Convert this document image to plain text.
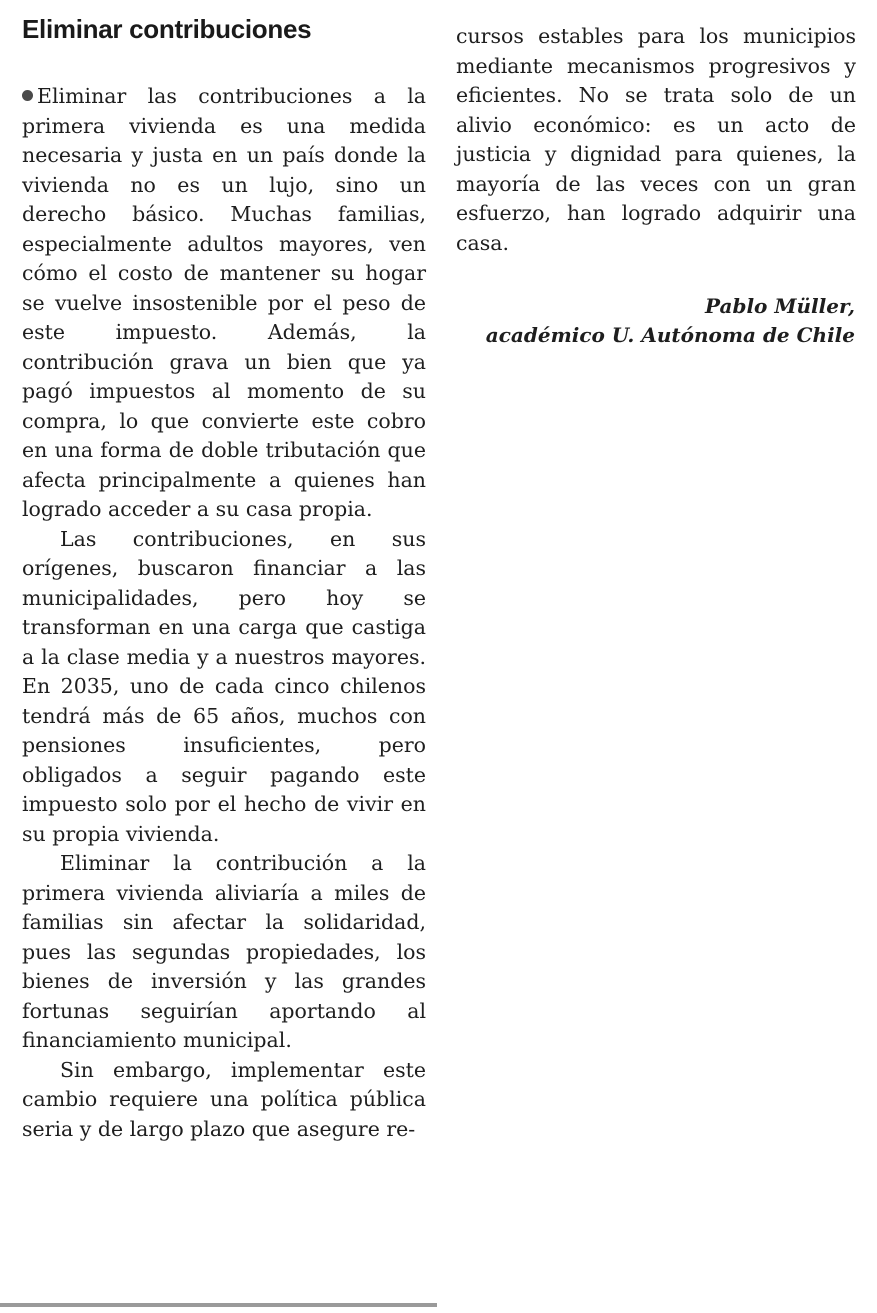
Eliminar contribuciones

Eliminar las contribuciones a la primera vivienda es una medida necesaria y justa en un país donde la vivienda no es un lujo, sino un derecho básico. Muchas familias, especialmente adultos mayores, ven cómo el costo de mantener su hogar se vuelve insostenible por el peso de este impuesto. Además, la contribución grava un bien que ya pagó impuestos al momento de su compra, lo que convierte este cobro en una forma de doble tributación que afecta principalmente a quienes han logrado acceder a su casa propia.

Las contribuciones, en sus orígenes, buscaron financiar a las municipalidades, pero hoy se transforman en una carga que castiga a la clase media y a nuestros mayores. En 2035, uno de cada cinco chilenos tendrá más de 65 años, muchos con pensiones insuficientes, pero obligados a seguir pagando este impuesto solo por el hecho de vivir en su propia vivienda.

Eliminar la contribución a la primera vivienda aliviaría a miles de familias sin afectar la solidaridad, pues las segundas propiedades, los bienes de inversión y las grandes fortunas seguirían aportando al financiamiento municipal.

Sin embargo, implementar este cambio requiere una política pública seria y de largo plazo que asegure re-

cursos estables para los municipios mediante mecanismos progresivos y eficientes. No se trata solo de un alivio económico: es un acto de justicia y dignidad para quienes, la mayoría de las veces con un gran esfuerzo, han logrado adquirir una casa.

Pablo Müller,
académico U. Autónoma de Chile
